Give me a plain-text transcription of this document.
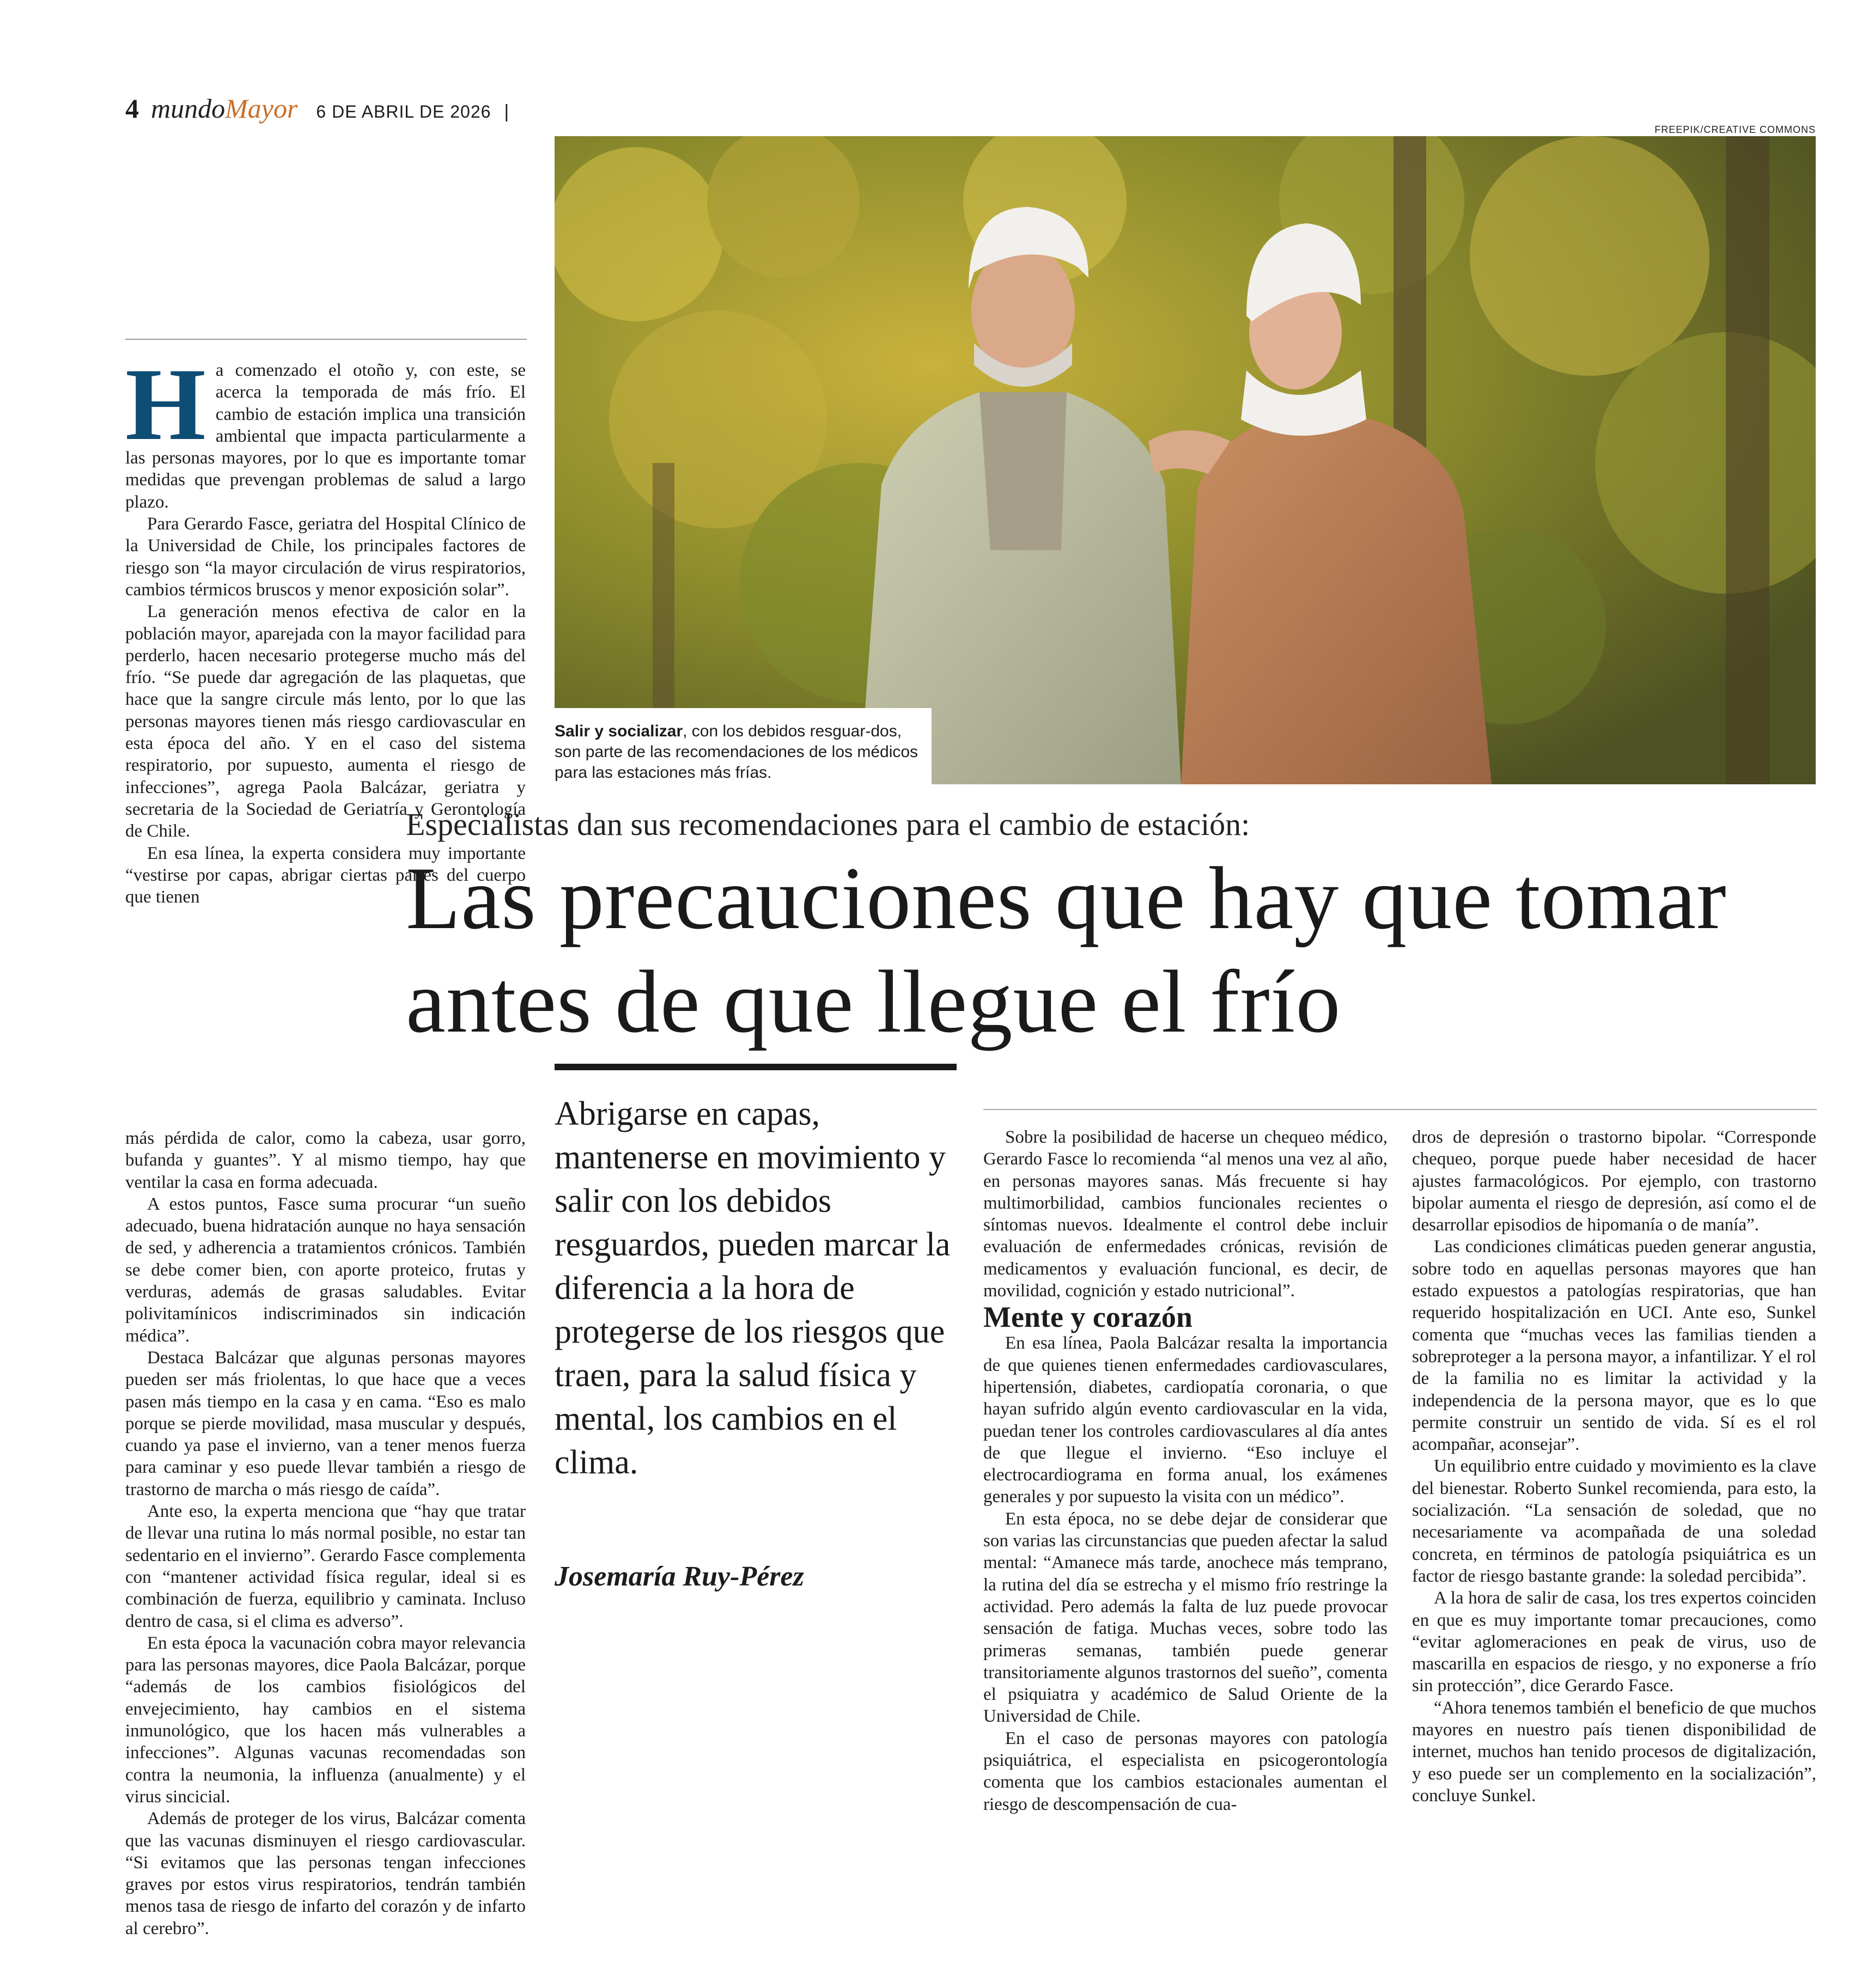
4 mundo Mayor 6 DE ABRIL DE 2026 |
FREEPIK/CREATIVE COMMONS
Salir y socializar, con los debidos resguar-dos, son parte de las recomendaciones de los médicos para las estaciones más frías.
Especialistas dan sus recomendaciones para el cambio de estación:
Las precauciones que hay que tomar
antes de que llegue el frío
Abrigarse en capas, mantenerse en movimiento y salir con los debidos resguardos, pueden marcar la diferencia a la hora de protegerse de los riesgos que traen, para la salud física y mental, los cambios en el clima.
Josemaría Ruy-Pérez

Ha comenzado el otoño y, con este, se acerca la temporada de más frío. El cambio de estación implica una transición ambiental que impacta particularmente a las personas mayores, por lo que es importante tomar medidas que prevengan problemas de salud a largo plazo.

Para Gerardo Fasce, geriatra del Hospital Clínico de la Universidad de Chile, los principales factores de riesgo son “la mayor circulación de virus respiratorios, cambios térmicos bruscos y menor exposición solar”.

La generación menos efectiva de calor en la población mayor, aparejada con la mayor facilidad para perderlo, hacen necesario protegerse mucho más del frío. “Se puede dar agregación de las plaquetas, que hace que la sangre circule más lento, por lo que las personas mayores tienen más riesgo cardiovascular en esta época del año. Y en el caso del sistema respiratorio, por supuesto, aumenta el riesgo de infecciones”, agrega Paola Balcázar, geriatra y secretaria de la Sociedad de Geriatría y Gerontología de Chile.

En esa línea, la experta considera muy importante “vestirse por capas, abrigar ciertas partes del cuerpo que tienen

más pérdida de calor, como la cabeza, usar gorro, bufanda y guantes”. Y al mismo tiempo, hay que ventilar la casa en forma adecuada.

A estos puntos, Fasce suma procurar “un sueño adecuado, buena hidratación aunque no haya sensación de sed, y adherencia a tratamientos crónicos. También se debe comer bien, con aporte proteico, frutas y verduras, además de grasas saludables. Evitar polivitamínicos indiscriminados sin indicación médica”.

Destaca Balcázar que algunas personas mayores pueden ser más friolentas, lo que hace que a veces pasen más tiempo en la casa y en cama. “Eso es malo porque se pierde movilidad, masa muscular y después, cuando ya pase el invierno, van a tener menos fuerza para caminar y eso puede llevar también a riesgo de trastorno de marcha o más riesgo de caída”.

Ante eso, la experta menciona que “hay que tratar de llevar una rutina lo más normal posible, no estar tan sedentario en el invierno”. Gerardo Fasce complementa con “mantener actividad física regular, ideal si es combinación de fuerza, equilibrio y caminata. Incluso dentro de casa, si el clima es adverso”.

En esta época la vacunación cobra mayor relevancia para las personas mayores, dice Paola Balcázar, porque “además de los cambios fisiológicos del envejecimiento, hay cambios en el sistema inmunológico, que los hacen más vulnerables a infecciones”. Algunas vacunas recomendadas son contra la neumonia, la influenza (anualmente) y el virus sincicial.

Además de proteger de los virus, Balcázar comenta que las vacunas disminuyen el riesgo cardiovascular. “Si evitamos que las personas tengan infecciones graves por estos virus respiratorios, tendrán también menos tasa de riesgo de infarto del corazón y de infarto al cerebro”.

Sobre la posibilidad de hacerse un chequeo médico, Gerardo Fasce lo recomienda “al menos una vez al año, en personas mayores sanas. Más frecuente si hay multimorbilidad, cambios funcionales recientes o síntomas nuevos. Idealmente el control debe incluir evaluación de enfermedades crónicas, revisión de medicamentos y evaluación funcional, es decir, de movilidad, cognición y estado nutricional”.

Mente y corazón

En esa línea, Paola Balcázar resalta la importancia de que quienes tienen enfermedades cardiovasculares, hipertensión, diabetes, cardiopatía coronaria, o que hayan sufrido algún evento cardiovascular en la vida, puedan tener los controles cardiovasculares al día antes de que llegue el invierno. “Eso incluye el electrocardiograma en forma anual, los exámenes generales y por supuesto la visita con un médico”.

En esta época, no se debe dejar de considerar que son varias las circunstancias que pueden afectar la salud mental: “Amanece más tarde, anochece más temprano, la rutina del día se estrecha y el mismo frío restringe la actividad. Pero además la falta de luz puede provocar sensación de fatiga. Muchas veces, sobre todo las primeras semanas, también puede generar transitoriamente algunos trastornos del sueño”, comenta el psiquiatra y académico de Salud Oriente de la Universidad de Chile.

En el caso de personas mayores con patología psiquiátrica, el especialista en psicogerontología comenta que los cambios estacionales aumentan el riesgo de descompensación de cua-

dros de depresión o trastorno bipolar. “Corresponde chequeo, porque puede haber necesidad de hacer ajustes farmacológicos. Por ejemplo, con trastorno bipolar aumenta el riesgo de depresión, así como el de desarrollar episodios de hipomanía o de manía”.

Las condiciones climáticas pueden generar angustia, sobre todo en aquellas personas mayores que han estado expuestos a patologías respiratorias, que han requerido hospitalización en UCI. Ante eso, Sunkel comenta que “muchas veces las familias tienden a sobreproteger a la persona mayor, a infantilizar. Y el rol de la familia no es limitar la actividad y la independencia de la persona mayor, que es lo que permite construir un sentido de vida. Sí es el rol acompañar, aconsejar”.

Un equilibrio entre cuidado y movimiento es la clave del bienestar. Roberto Sunkel recomienda, para esto, la socialización. “La sensación de soledad, que no necesariamente va acompañada de una soledad concreta, en términos de patología psiquiátrica es un factor de riesgo bastante grande: la soledad percibida”.

A la hora de salir de casa, los tres expertos coinciden en que es muy importante tomar precauciones, como “evitar aglomeraciones en peak de virus, uso de mascarilla en espacios de riesgo, y no exponerse a frío sin protección”, dice Gerardo Fasce.

“Ahora tenemos también el beneficio de que muchos mayores en nuestro país tienen disponibilidad de internet, muchos han tenido procesos de digitalización, y eso puede ser un complemento en la socialización”, concluye Sunkel.
